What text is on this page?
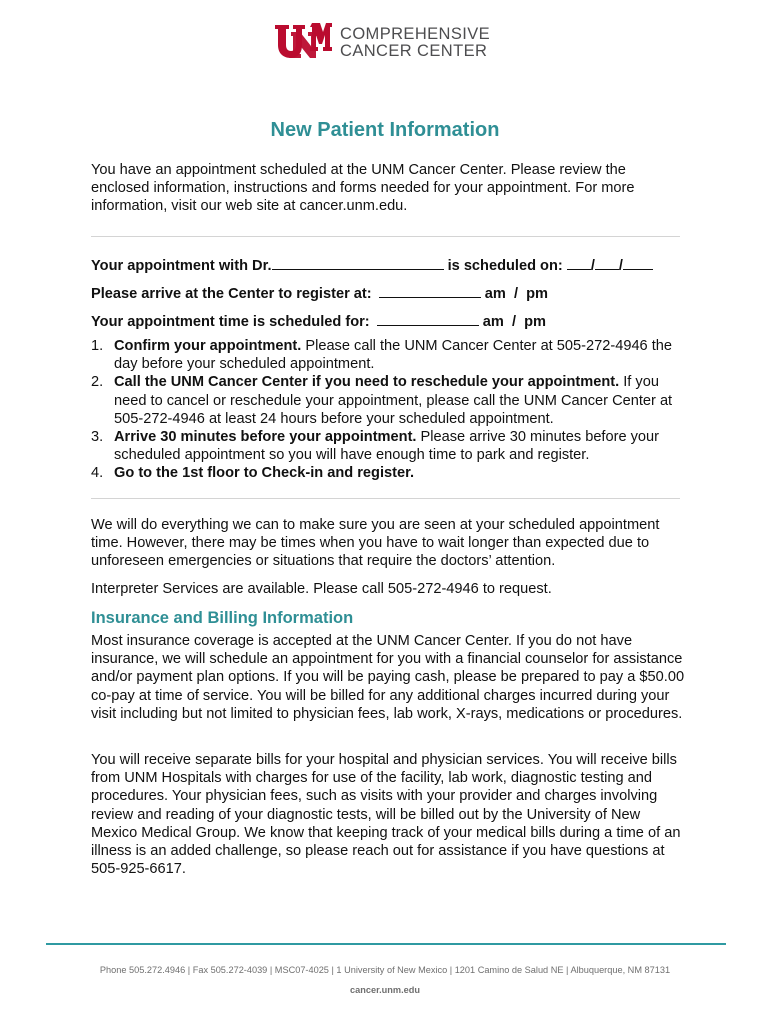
COMPREHENSIVE
CANCER CENTER
New Patient Information

You have an appointment scheduled at the UNM Cancer Center. Please review the enclosed information, instructions and forms needed for your appointment. For more information, visit our web site at cancer.unm.edu.

Your appointment with Dr.	is scheduled on: / /
Please arrive at the Center to register at:	am  /  pm
Your appointment time is scheduled for:	am  /  pm
1. Confirm your appointment. Please call the UNM Cancer Center at 505-272-4946 the day before your scheduled appointment.
2. Call the UNM Cancer Center if you need to reschedule your appointment. If you need to cancel or reschedule your appointment, please call the UNM Cancer Center at 505-272-4946 at least 24 hours before your scheduled appointment.
3. Arrive 30 minutes before your appointment. Please arrive 30 minutes before your scheduled appointment so you will have enough time to park and register.
4. Go to the 1st floor to Check-in and register.

We will do everything we can to make sure you are seen at your scheduled appointment time. However, there may be times when you have to wait longer than expected due to unforeseen emergencies or situations that require the doctors’ attention.

Interpreter Services are available. Please call 505-272-4946 to request.

Insurance and Billing Information

Most insurance coverage is accepted at the UNM Cancer Center. If you do not have insurance, we will schedule an appointment for you with a financial counselor for assistance and/or payment plan options. If you will be paying cash, please be prepared to pay a $50.00 co-pay at time of service. You will be billed for any additional charges incurred during your visit including but not limited to physician fees, lab work, X-rays, medications or procedures.

You will receive separate bills for your hospital and physician services. You will receive bills from UNM Hospitals with charges for use of the facility, lab work, diagnostic testing and procedures. Your physician fees, such as visits with your provider and charges involving review and reading of your diagnostic tests, will be billed out by the University of New Mexico Medical Group. We know that keeping track of your medical bills during a time of an illness is an added challenge, so please reach out for assistance if you have questions at 505-925-6617.

Phone 505.272.4946 | Fax 505.272-4039 | MSC07-4025 | 1 University of New Mexico | 1201 Camino de Salud NE | Albuquerque, NM 87131
cancer.unm.edu
